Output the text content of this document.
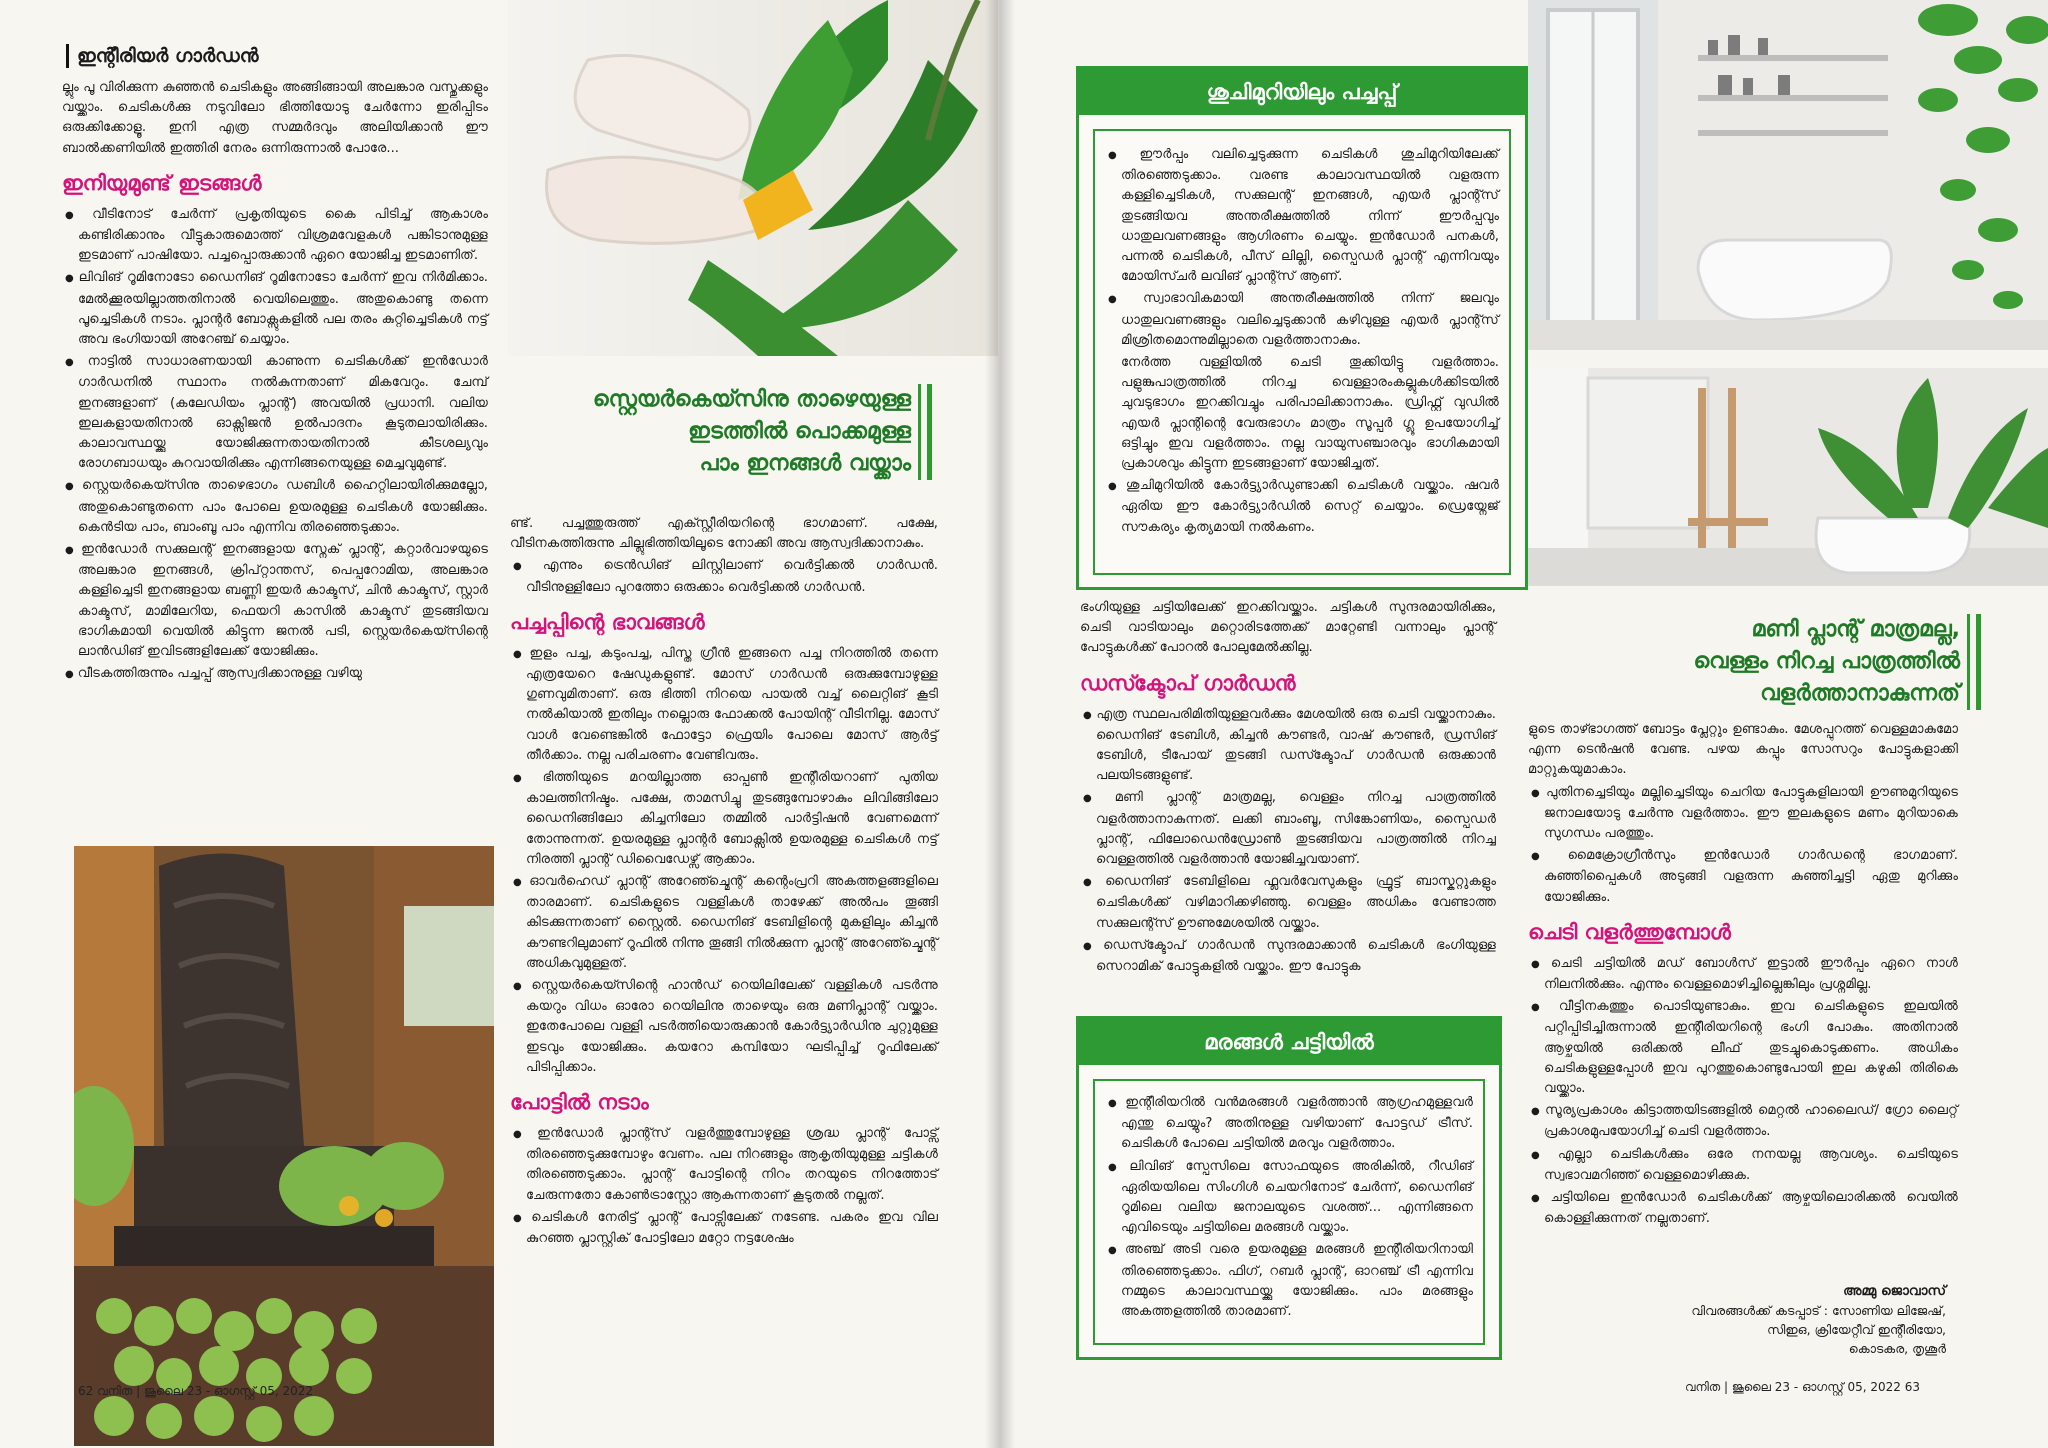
ഇന്റീരിയർ ഗാർഡൻ

ല്ലും പൂ വിരിക്കുന്ന കുഞ്ഞൻ ചെടികളും അങ്ങിങ്ങായി അലങ്കാര വസ്തുക്കളും വയ്ക്കാം. ചെടികൾക്കു നടുവിലോ ഭിത്തിയോടു ചേർന്നോ ഇരിപ്പിടം ഒരുക്കിക്കോളൂ. ഇനി എത്ര സമ്മർദവും അലിയിക്കാൻ ഈ ബാൽക്കണിയിൽ ഇത്തിരി നേരം ഒന്നിരുന്നാൽ പോരേ...

ഇനിയുമുണ്ട് ഇടങ്ങൾ

● വീടിനോട് ചേർന്ന് പ്രകൃതിയുടെ കൈ പിടിച്ച് ആകാശം കണ്ടിരിക്കാനും വീട്ടുകാരുമൊത്ത് വിശ്രമവേളകൾ പങ്കിടാനുമുള്ള ഇടമാണ് പാഷിയോ. പച്ചപ്പൊരുക്കാൻ ഏറെ യോജിച്ച ഇടമാണിത്.

● ലിവിങ് റൂമിനോടോ ഡൈനിങ് റൂമിനോടോ ചേർന്ന് ഇവ നിർമിക്കാം. മേൽക്കൂരയില്ലാത്തതിനാൽ വെയിലെത്തും. അതുകൊണ്ടു തന്നെ പൂച്ചെടികൾ നടാം. പ്ലാന്റർ ബോക്സുകളിൽ പല തരം കുറ്റിച്ചെടികൾ നട്ട് അവ ഭംഗിയായി അറേഞ്ച് ചെയ്യാം.

● നാട്ടിൽ സാധാരണയായി കാണുന്ന ചെടികൾക്ക് ഇൻഡോർ ഗാർഡനിൽ സ്ഥാനം നൽകുന്നതാണ് മികവേറും. ചേമ്പ് ഇനങ്ങളാണ് (കലേഡിയം പ്ലാന്റ്) അവയിൽ പ്രധാനി. വലിയ ഇലകളായതിനാൽ ഓക്സിജൻ ഉൽപാദനം കൂടുതലായിരിക്കും. കാലാവസ്ഥയ്ക്കു യോജിക്കുന്നതായതിനാൽ കീടശല്യവും രോഗബാധയും കുറവായിരിക്കും എന്നിങ്ങനെയുള്ള മെച്ചവുമുണ്ട്.

● സ്റ്റെയർകെയ്സിനു താഴെഭാഗം ഡബിൾ ഹൈറ്റിലായിരിക്കുമല്ലോ, അതുകൊണ്ടുതന്നെ പാം പോലെ ഉയരമുള്ള ചെടികൾ യോജിക്കും. കെൻടിയ പാം, ബാംബൂ പാം എന്നിവ തിരഞ്ഞെടുക്കാം.

● ഇൻഡോർ സക്കുലന്റ് ഇനങ്ങളായ സ്നേക് പ്ലാന്റ്, കറ്റാർവാഴയുടെ അലങ്കാര ഇനങ്ങൾ, ക്രിപ്റ്റാന്തസ്, പെപ്പറോമിയ, അലങ്കാര കള്ളിച്ചെടി ഇനങ്ങളായ ബണ്ണി ഇയർ കാക്ടസ്, ചിൻ കാക്ടസ്, സ്റ്റാർ കാക്ടസ്, മാമിലേറിയ, ഫെയറി കാസിൽ കാക്ടസ് തുടങ്ങിയവ ഭാഗികമായി വെയിൽ കിട്ടുന്ന ജനൽ പടി, സ്റ്റെയർകെയ്സിന്റെ ലാൻഡിങ് ഇവിടങ്ങളിലേക്ക് യോജിക്കും.

● വീടകത്തിരുന്നും പച്ചപ്പ് ആസ്വദിക്കാനുള്ള വഴിയു

സ്റ്റെയർകെയ്സിനു താഴെയുള്ള
ഇടത്തിൽ പൊക്കമുള്ള
പാം ഇനങ്ങൾ വയ്ക്കാം

ണ്ട്. പച്ചത്തുരുത്ത് എക്സ്റ്റീരിയറിന്റെ ഭാഗമാണ്. പക്ഷേ, വീടിനകത്തിരുന്നു ചില്ലുഭിത്തിയിലൂടെ നോക്കി അവ ആസ്വദിക്കാനാകും.

● എന്നും ട്രെൻഡിങ് ലിസ്റ്റിലാണ് വെർട്ടിക്കൽ ഗാർഡൻ. വീടിനുള്ളിലോ പുറത്തോ ഒരുക്കാം വെർട്ടിക്കൽ ഗാർഡൻ.

പച്ചപ്പിന്റെ ഭാവങ്ങൾ

● ഇളം പച്ച, കടുംപച്ച, പിസ്ത ഗ്രീൻ ഇങ്ങനെ പച്ച നിറത്തിൽ തന്നെ എത്രയേറെ ഷേഡുകളുണ്ട്. മോസ് ഗാർഡൻ ഒരുക്കുമ്പോഴുള്ള ഗുണവുമിതാണ്. ഒരു ഭിത്തി നിറയെ പായൽ വച്ച് ലൈറ്റിങ് കൂടി നൽകിയാൽ ഇതിലും നല്ലൊരു ഫോക്കൽ പോയിന്റ് വീടിനില്ല. മോസ് വാൾ വേണ്ടെങ്കിൽ ഫോട്ടോ ഫ്രെയിം പോലെ മോസ് ആർട്ട് തീർക്കാം. നല്ല പരിചരണം വേണ്ടിവരും.

● ഭിത്തിയുടെ മറയില്ലാത്ത ഓപ്പൺ ഇന്റീരിയറാണ് പുതിയ കാലത്തിനിഷ്ടം. പക്ഷേ, താമസിച്ചു തുടങ്ങുമ്പോഴാകും ലിവിങ്ങിലോ ഡൈനിങ്ങിലോ കിച്ചനിലോ തമ്മിൽ പാർട്ടിഷൻ വേണമെന്ന് തോന്നുന്നത്. ഉയരമുള്ള പ്ലാന്റർ ബോക്സിൽ ഉയരമുള്ള ചെടികൾ നട്ട് നിരത്തി പ്ലാന്റ് ഡിവൈഡേഴ്സ് ആക്കാം.

● ഓവർഹെഡ് പ്ലാന്റ് അറേഞ്ച്മെന്റ് കന്റെംപ്രറി അകത്തളങ്ങളിലെ താരമാണ്. ചെടികളുടെ വള്ളികൾ താഴേക്ക് അൽപം തൂങ്ങി കിടക്കുന്നതാണ് സ്റ്റൈൽ. ഡൈനിങ് ടേബിളിന്റെ മുകളിലും കിച്ചൻ കൗണ്ടറിലുമാണ് റൂഫിൽ നിന്നു തൂങ്ങി നിൽക്കുന്ന പ്ലാന്റ് അറേഞ്ച്മെന്റ് അധികവുമുള്ളത്.

● സ്റ്റെയർകെയ്സിന്റെ ഹാൻഡ് റെയിലിലേക്ക് വള്ളികൾ പടർന്നു കയറും വിധം ഓരോ റെയിലിനു താഴെയും ഒരു മണിപ്ലാന്റ് വയ്ക്കാം. ഇതേപോലെ വള്ളി പടർത്തിയൊരുക്കാൻ കോർട്ട്യാർഡിനു ചുറ്റുമുള്ള ഇടവും യോജിക്കും. കയറോ കമ്പിയോ ഘടിപ്പിച്ച് റൂഫിലേക്ക് പിടിപ്പിക്കാം.

പോട്ടിൽ നടാം

● ഇൻഡോർ പ്ലാന്റ്സ് വളർത്തുമ്പോഴുള്ള ശ്രദ്ധ പ്ലാന്റ് പോട്സ് തിരഞ്ഞെടുക്കുമ്പോഴും വേണം. പല നിറങ്ങളും ആകൃതിയുമുള്ള ചട്ടികൾ തിരഞ്ഞെടുക്കാം. പ്ലാന്റ് പോട്ടിന്റെ നിറം തറയുടെ നിറത്തോട് ചേരുന്നതോ കോൺട്രാസ്റ്റോ ആകുന്നതാണ് കൂടുതൽ നല്ലത്.

● ചെടികൾ നേരിട്ട് പ്ലാന്റ് പോട്സിലേക്ക് നടേണ്ട. പകരം ഇവ വില കുറഞ്ഞ പ്ലാസ്റ്റിക് പോട്ടിലോ മറ്റോ നട്ടശേഷം

62 വനിത | ജൂലൈ 23 - ഓഗസ്റ്റ് 05, 2022
ശുചിമുറിയിലും പച്ചപ്പ്

● ഈർപ്പം വലിച്ചെടുക്കുന്ന ചെടികൾ ശുചിമുറിയിലേക്ക് തിരഞ്ഞെടുക്കാം. വരണ്ട കാലാവസ്ഥയിൽ വളരുന്ന കള്ളിച്ചെടികൾ, സക്കുലന്റ് ഇനങ്ങൾ, എയർ പ്ലാന്റ്സ് തുടങ്ങിയവ അന്തരീക്ഷത്തിൽ നിന്ന് ഈർപ്പവും ധാതുലവണങ്ങളും ആഗിരണം ചെയ്യും. ഇൻഡോർ പനകൾ, പന്നൽ ചെടികൾ, പീസ് ലില്ലി, സ്പൈഡർ പ്ലാന്റ് എന്നിവയും മോയിസ്ചർ ലവിങ് പ്ലാന്റ്സ് ആണ്.

● സ്വാഭാവികമായി അന്തരീക്ഷത്തിൽ നിന്ന് ജലവും ധാതുലവണങ്ങളും വലിച്ചെടുക്കാൻ കഴിവുള്ള എയർ പ്ലാന്റ്സ് മിശ്രിതമൊന്നുമില്ലാതെ വളർത്താനാകും.

നേർത്ത വള്ളിയിൽ ചെടി തൂക്കിയിട്ടു വളർത്താം. പളുങ്കുപാത്രത്തിൽ നിറച്ച വെള്ളാരംകല്ലുകൾക്കിടയിൽ ചുവടുഭാഗം ഇറക്കിവച്ചും പരിപാലിക്കാനാകും. ഡ്രിഫ്റ്റ് വുഡിൽ എയർ പ്ലാന്റിന്റെ വേരുഭാഗം മാത്രം സൂപ്പർ ഗ്ലൂ ഉപയോഗിച്ച് ഒട്ടിച്ചും ഇവ വളർത്താം. നല്ല വായുസഞ്ചാരവും ഭാഗികമായി പ്രകാശവും കിട്ടുന്ന ഇടങ്ങളാണ് യോജിച്ചത്.

● ശുചിമുറിയിൽ കോർട്ട്യാർഡുണ്ടാക്കി ചെടികൾ വയ്ക്കാം. ഷവർ ഏരിയ ഈ കോർട്ട്യാർഡിൽ സെറ്റ് ചെയ്യാം. ഡ്രെയ്നേജ് സൗകര്യം കൃത്യമായി നൽകണം.

ഭംഗിയുള്ള ചട്ടിയിലേക്ക് ഇറക്കിവയ്ക്കാം. ചട്ടികൾ സുന്ദരമായിരിക്കും, ചെടി വാടിയാലും മറ്റൊരിടത്തേക്ക് മാറ്റേണ്ടി വന്നാലും പ്ലാന്റ് പോട്ടുകൾക്ക് പോറൽ പോലുമേൽക്കില്ല.

ഡസ്ക്ടോപ് ഗാർഡൻ

● എത്ര സ്ഥലപരിമിതിയുള്ളവർക്കും മേശയിൽ ഒരു ചെടി വയ്ക്കാനാകും. ഡൈനിങ് ടേബിൾ, കിച്ചൻ കൗണ്ടർ, വാഷ് കൗണ്ടർ, ഡ്രസിങ് ടേബിൾ, ടീപോയ് തുടങ്ങി ഡസ്ക്ടോപ് ഗാർഡൻ ഒരുക്കാൻ പലയിടങ്ങളുണ്ട്.

● മണി പ്ലാന്റ് മാത്രമല്ല, വെള്ളം നിറച്ച പാത്രത്തിൽ വളർത്താനാകുന്നത്. ലക്കി ബാംബൂ, സിങ്കോണിയം, സ്പൈഡർ പ്ലാന്റ്, ഫിലോഡെൻഡ്രോൺ തുടങ്ങിയവ പാത്രത്തിൽ നിറച്ച വെള്ളത്തിൽ വളർത്താൻ യോജിച്ചവയാണ്.

● ഡൈനിങ് ടേബിളിലെ ഫ്ലവർവേസുകളും ഫ്രൂട്ട് ബാസ്കറ്റുകളും ചെടികൾക്ക് വഴിമാറിക്കഴിഞ്ഞു. വെള്ളം അധികം വേണ്ടാത്ത സക്കുലന്റ്സ് ഊണുമേശയിൽ വയ്ക്കാം.

● ഡെസ്ക്ടോപ് ഗാർഡൻ സുന്ദരമാക്കാൻ ചെടികൾ ഭംഗിയുള്ള സെറാമിക് പോട്ടുകളിൽ വയ്ക്കാം. ഈ പോട്ടുക

മരങ്ങൾ ചട്ടിയിൽ

● ഇന്റീരിയറിൽ വൻമരങ്ങൾ വളർത്താൻ ആഗ്രഹമുള്ളവർ എന്തു ചെയ്യും? അതിനുള്ള വഴിയാണ് പോട്ടഡ് ട്രീസ്. ചെടികൾ പോലെ ചട്ടിയിൽ മരവും വളർത്താം.

● ലിവിങ് സ്പേസിലെ സോഫയുടെ അരികിൽ, റീഡിങ് ഏരിയയിലെ സിംഗിൾ ചെയറിനോട് ചേർന്ന്, ഡൈനിങ് റൂമിലെ വലിയ ജനാലയുടെ വശത്ത്... എന്നിങ്ങനെ എവിടെയും ചട്ടിയിലെ മരങ്ങൾ വയ്ക്കാം.

● അഞ്ച് അടി വരെ ഉയരമുള്ള മരങ്ങൾ ഇന്റീരിയറിനായി തിരഞ്ഞെടുക്കാം. ഫിഗ്, റബർ പ്ലാന്റ്, ഓറഞ്ച് ട്രീ എന്നിവ നമ്മുടെ കാലാവസ്ഥയ്ക്കു യോജിക്കും. പാം മരങ്ങളും അകത്തളത്തിൽ താരമാണ്.

മണി പ്ലാന്റ് മാത്രമല്ല,
വെള്ളം നിറച്ച പാത്രത്തിൽ
വളർത്താനാകുന്നത്

ളുടെ താഴ്ഭാഗത്ത് ബോട്ടം പ്ലേറ്റും ഉണ്ടാകും. മേശപ്പുറത്ത് വെള്ളമാകുമോ എന്ന ടെൻഷൻ വേണ്ട. പഴയ കപ്പും സോസറും പോട്ടുകളാക്കി മാറ്റുകയുമാകാം.

● പുതിനച്ചെടിയും മല്ലിച്ചെടിയും ചെറിയ പോട്ടുകളിലായി ഊണുമുറിയുടെ ജനാലയോടു ചേർന്നു വളർത്താം. ഈ ഇലകളുടെ മണം മുറിയാകെ സുഗന്ധം പരത്തും.

● മൈക്രോഗ്രീൻസും ഇൻഡോർ ഗാർഡന്റെ ഭാഗമാണ്. കുഞ്ഞിപ്പൈകൾ അടുങ്ങി വളരുന്ന കുഞ്ഞിച്ചട്ടി ഏതു മുറിക്കും യോജിക്കും.

ചെടി വളർത്തുമ്പോൾ

● ചെടി ചട്ടിയിൽ മഡ് ബോൾസ് ഇട്ടാൽ ഈർപ്പം ഏറെ നാൾ നിലനിൽക്കും. എന്നും വെള്ളമൊഴിച്ചില്ലെങ്കിലും പ്രശ്നമില്ല.

● വീട്ടിനകത്തും പൊടിയുണ്ടാകും. ഇവ ചെടികളുടെ ഇലയിൽ പറ്റിപ്പിടിച്ചിരുന്നാൽ ഇന്റീരിയറിന്റെ ഭംഗി പോകും. അതിനാൽ ആഴ്ചയിൽ ഒരിക്കൽ ലീഫ് തുടച്ചുകൊടുക്കണം. അധികം ചെടികളുള്ളപ്പോൾ ഇവ പുറത്തുകൊണ്ടുപോയി ഇല കഴുകി തിരികെ വയ്ക്കാം.

● സൂര്യപ്രകാശം കിട്ടാത്തയിടങ്ങളിൽ മെറ്റൽ ഹാലൈഡ്/ ഗ്രോ ലൈറ്റ് പ്രകാശമുപയോഗിച്ച് ചെടി വളർത്താം.

● എല്ലാ ചെടികൾക്കും ഒരേ നനയല്ല ആവശ്യം. ചെടിയുടെ സ്വഭാവമറിഞ്ഞ് വെള്ളമൊഴിക്കുക.

● ചട്ടിയിലെ ഇൻഡോർ ചെടികൾക്ക് ആഴ്ചയിലൊരിക്കൽ വെയിൽ കൊള്ളിക്കുന്നത് നല്ലതാണ്.

അമ്മു ജൊവാസ്
വിവരങ്ങൾക്ക് കടപ്പാട് : സോണിയ ലിജേഷ്,
സിഇഒ, ക്രിയേറ്റീവ് ഇന്റീരിയോ,
കൊടകര, തൃശൂർ
വനിത | ജൂലൈ 23 - ഓഗസ്റ്റ് 05, 2022 63
